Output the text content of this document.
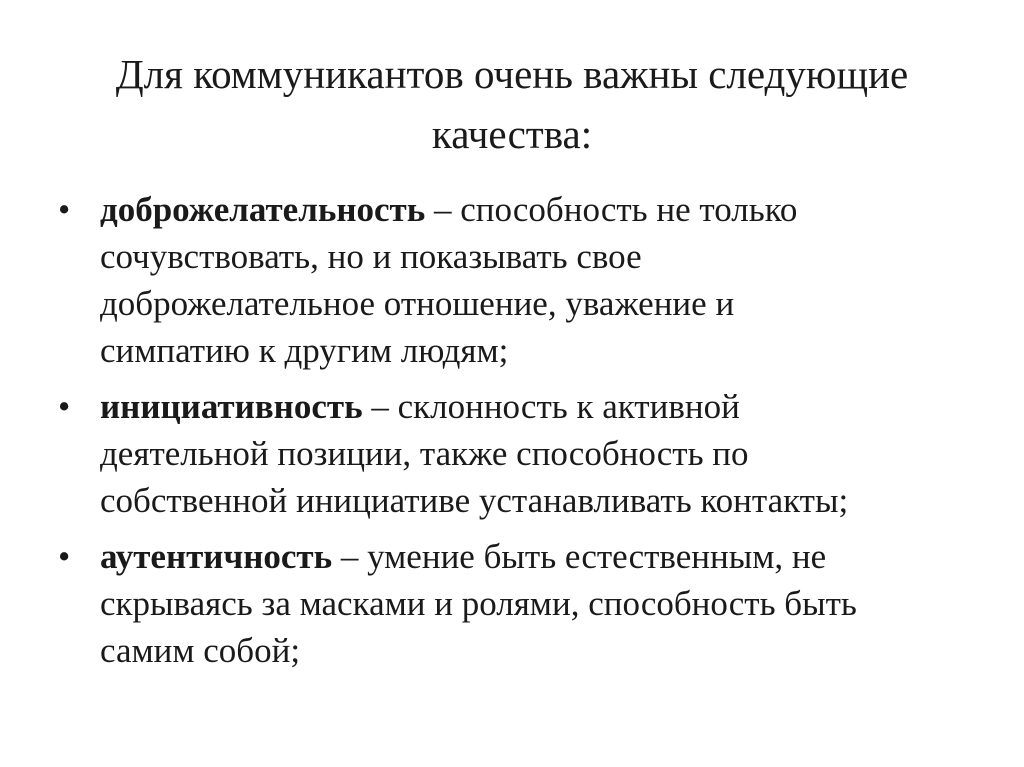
Для коммуникантов очень важны следующие
качества:
• доброжелательность – способность не только
сочувствовать, но и показывать свое
доброжелательное отношение, уважение и
симпатию к другим людям;
• инициативность – склонность к активной
деятельной позиции, также способность по
собственной инициативе устанавливать контакты;
• аутентичность – умение быть естественным, не
скрываясь за масками и ролями, способность быть
самим собой;
